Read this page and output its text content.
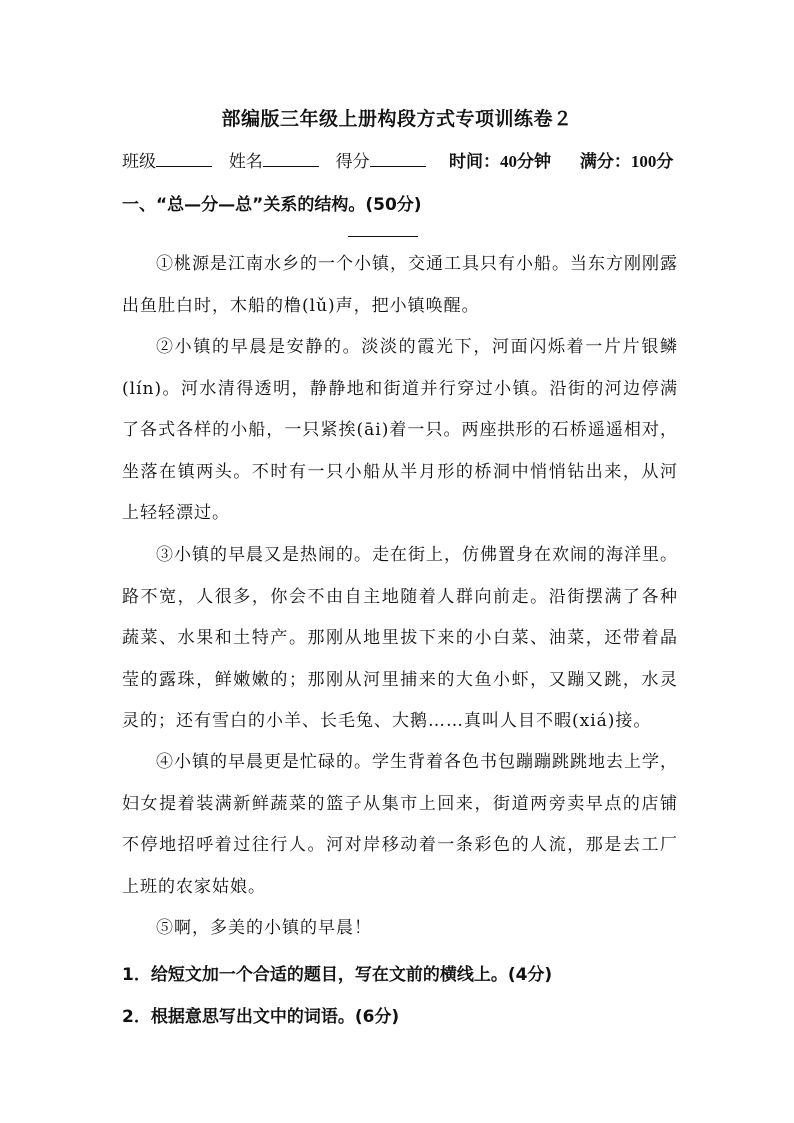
部编版三年级上册构段方式专项训练卷２
班级	姓名	得分	时间：40分钟 满分：100分
一、“总—分—总”关系的结构。(50分)
①桃源是江南水乡的一个小镇，交通工具只有小船。当东方刚刚露出鱼肚白时，木船的橹(lǔ)声，把小镇唤醒。
②小镇的早晨是安静的。淡淡的霞光下，河面闪烁着一片片银鳞(lín)。河水清得透明，静静地和街道并行穿过小镇。沿街的河边停满了各式各样的小船，一只紧挨(āi)着一只。两座拱形的石桥遥遥相对，坐落在镇两头。不时有一只小船从半月形的桥洞中悄悄钻出来，从河上轻轻漂过。
③小镇的早晨又是热闹的。走在街上，仿佛置身在欢闹的海洋里。路不宽，人很多，你会不由自主地随着人群向前走。沿街摆满了各种蔬菜、水果和土特产。那刚从地里拔下来的小白菜、油菜，还带着晶莹的露珠，鲜嫩嫩的；那刚从河里捕来的大鱼小虾，又蹦又跳，水灵灵的；还有雪白的小羊、长毛兔、大鹅……真叫人目不暇(xiá)接。
④小镇的早晨更是忙碌的。学生背着各色书包蹦蹦跳跳地去上学，妇女提着装满新鲜蔬菜的篮子从集市上回来，街道两旁卖早点的店铺不停地招呼着过往行人。河对岸移动着一条彩色的人流，那是去工厂上班的农家姑娘。
⑤啊，多美的小镇的早晨！
1．给短文加一个合适的题目，写在文前的横线上。(4分)
2．根据意思写出文中的词语。(6分)
